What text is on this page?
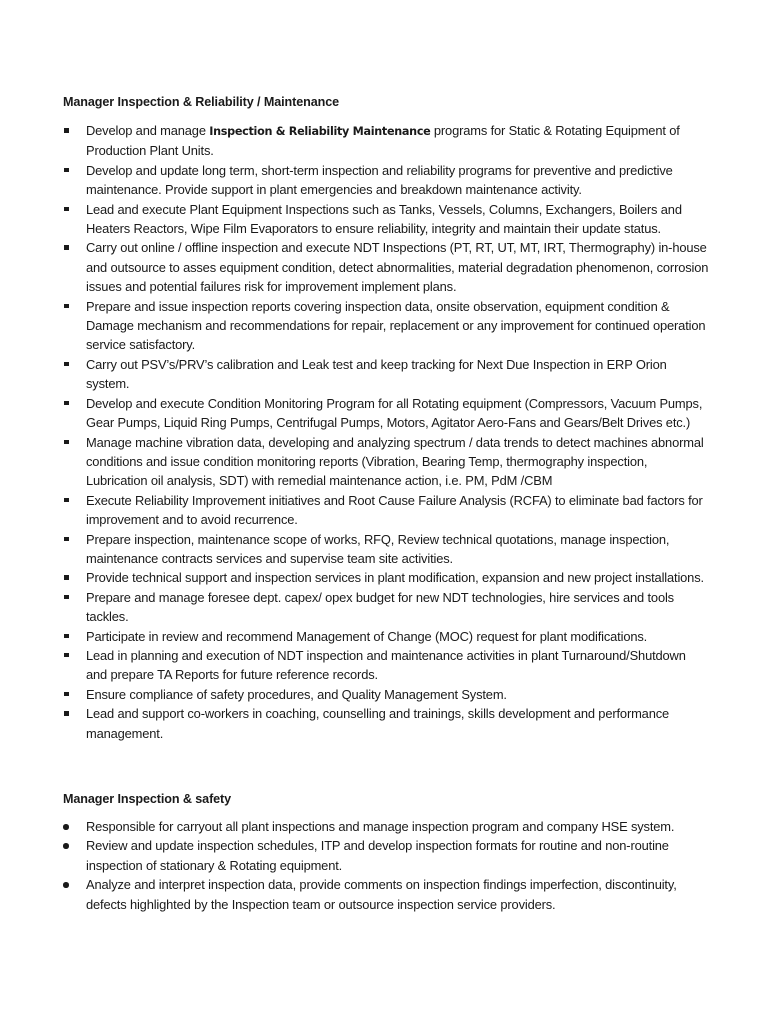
Manager Inspection & Reliability / Maintenance
Develop and manage Inspection & Reliability Maintenance programs for Static & Rotating Equipment of Production Plant Units.
Develop and update long term, short-term inspection and reliability programs for preventive and predictive maintenance. Provide support in plant emergencies and breakdown maintenance activity.
Lead and execute Plant Equipment Inspections such as Tanks, Vessels, Columns, Exchangers, Boilers and Heaters Reactors, Wipe Film Evaporators to ensure reliability, integrity and maintain their update status.
Carry out online / offline inspection and execute NDT Inspections (PT, RT, UT, MT, IRT, Thermography) in-house and outsource to asses equipment condition, detect abnormalities, material degradation phenomenon, corrosion issues and potential failures risk for improvement implement plans.
Prepare and issue inspection reports covering inspection data, onsite observation, equipment condition & Damage mechanism and recommendations for repair, replacement or any improvement for continued operation service satisfactory.
Carry out PSV’s/PRV’s calibration and Leak test and keep tracking for Next Due Inspection in ERP Orion system.
Develop and execute Condition Monitoring Program for all Rotating equipment (Compressors, Vacuum Pumps, Gear Pumps, Liquid Ring Pumps, Centrifugal Pumps, Motors, Agitator Aero-Fans and Gears/Belt Drives etc.)
Manage machine vibration data, developing and analyzing spectrum / data trends to detect machines abnormal conditions and issue condition monitoring reports (Vibration, Bearing Temp, thermography inspection, Lubrication oil analysis, SDT) with remedial maintenance action, i.e. PM, PdM /CBM
Execute Reliability Improvement initiatives and Root Cause Failure Analysis (RCFA) to eliminate bad factors for improvement and to avoid recurrence.
Prepare inspection, maintenance scope of works, RFQ, Review technical quotations, manage inspection, maintenance contracts services and supervise team site activities.
Provide technical support and inspection services in plant modification, expansion and new project installations.
Prepare and manage foresee dept. capex/ opex budget for new NDT technologies, hire services and tools tackles.
Participate in review and recommend Management of Change (MOC) request for plant modifications.
Lead in planning and execution of NDT inspection and maintenance activities in plant Turnaround/Shutdown and prepare TA Reports for future reference records.
Ensure compliance of safety procedures, and Quality Management System.
Lead and support co-workers in coaching, counselling and trainings, skills development and performance management.
Manager Inspection & safety
Responsible for carryout all plant inspections and manage inspection program and company HSE system.
Review and update inspection schedules, ITP and develop inspection formats for routine and non-routine inspection of stationary & Rotating equipment.
Analyze and interpret inspection data, provide comments on inspection findings imperfection, discontinuity, defects highlighted by the Inspection team or outsource inspection service providers.
